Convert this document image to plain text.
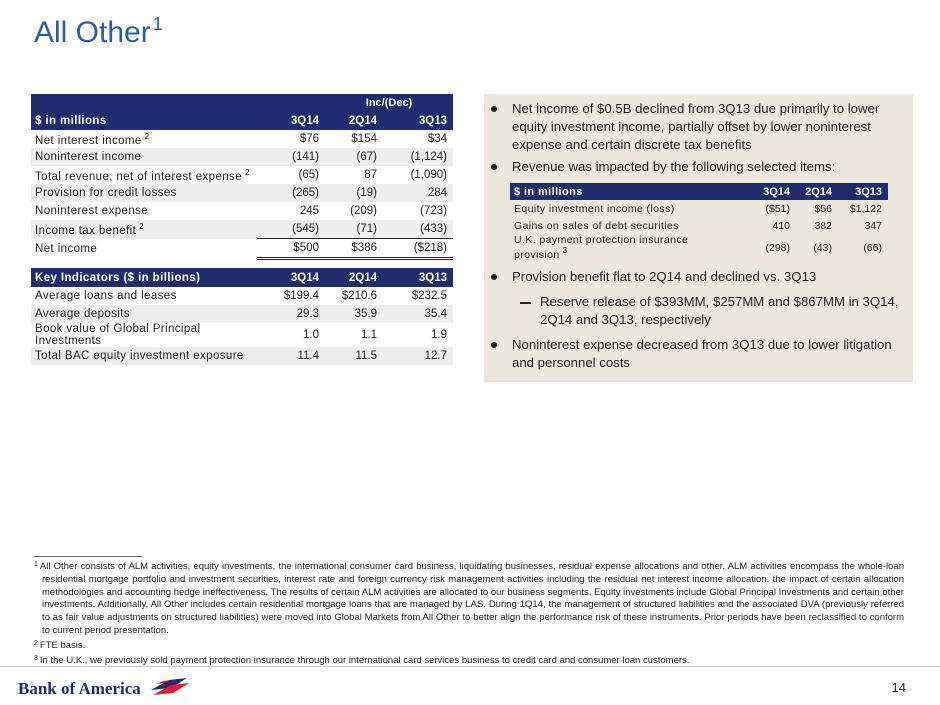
All Other $^1$
		Inc/(Dec)	
$ in millions	3Q14	2Q14	3Q13
Net interest income $^2$	$76	$154	$34
Noninterest income	(141)	(67)	(1,124)
Total revenue, net of interest expense $^2$	(65)	87	(1,090)
Provision for credit losses	(265)	(19)	284
Noninterest expense	245	(209)	(723)
Income tax benefit $^2$	(545)	(71)	(433)
Net income	$500	$386	($218)
Key Indicators ($ in billions)	3Q14	2Q14	3Q13
Average loans and leases	$199.4	$210.6	$232.5
Average deposits	29.3	35.9	35.4
Book value of Global Principal Investments	1.0	1.1	1.9
Total BAC equity investment exposure	11.4	11.5	12.7
Net income of $0.5B declined from 3Q13 due primarily to lower equity investment income, partially offset by lower noninterest expense and certain discrete tax benefits
Revenue was impacted by the following selected items:
$ in millions	3Q14	2Q14	3Q13
Equity investment income (loss)	($51)	$56	$1,122
Gains on sales of debt securities	410	382	347
U.K. payment protection insurance provision $^3$	(298)	(43)	(66)
Provision benefit flat to 2Q14 and declined vs. 3Q13
Reserve release of $393MM, $257MM and $867MM in 3Q14, 2Q14 and 3Q13, respectively
Noninterest expense decreased from 3Q13 due to lower litigation and personnel costs

$^1$ All Other consists of ALM activities, equity investments, the international consumer card business, liquidating businesses, residual expense allocations and other. ALM activities encompass the whole-loan residential mortgage portfolio and investment securities, interest rate and foreign currency risk management activities including the residual net interest income allocation, the impact of certain allocation methodologies and accounting hedge ineffectiveness. The results of certain ALM activities are allocated to our business segments. Equity investments include Global Principal Investments and certain other investments. Additionally, All Other includes certain residential mortgage loans that are managed by LAS. During 1Q14, the management of structured liabilities and the associated DVA (previously referred to as fair value adjustments on structured liabilities) were moved into Global Markets from All Other to better align the performance risk of these instruments. Prior periods have been reclassified to conform to current period presentation.

$^2$ FTE basis.

$^3$ In the U.K., we previously sold payment protection insurance through our international card services business to credit card and consumer loan customers.

Bank of America	14
